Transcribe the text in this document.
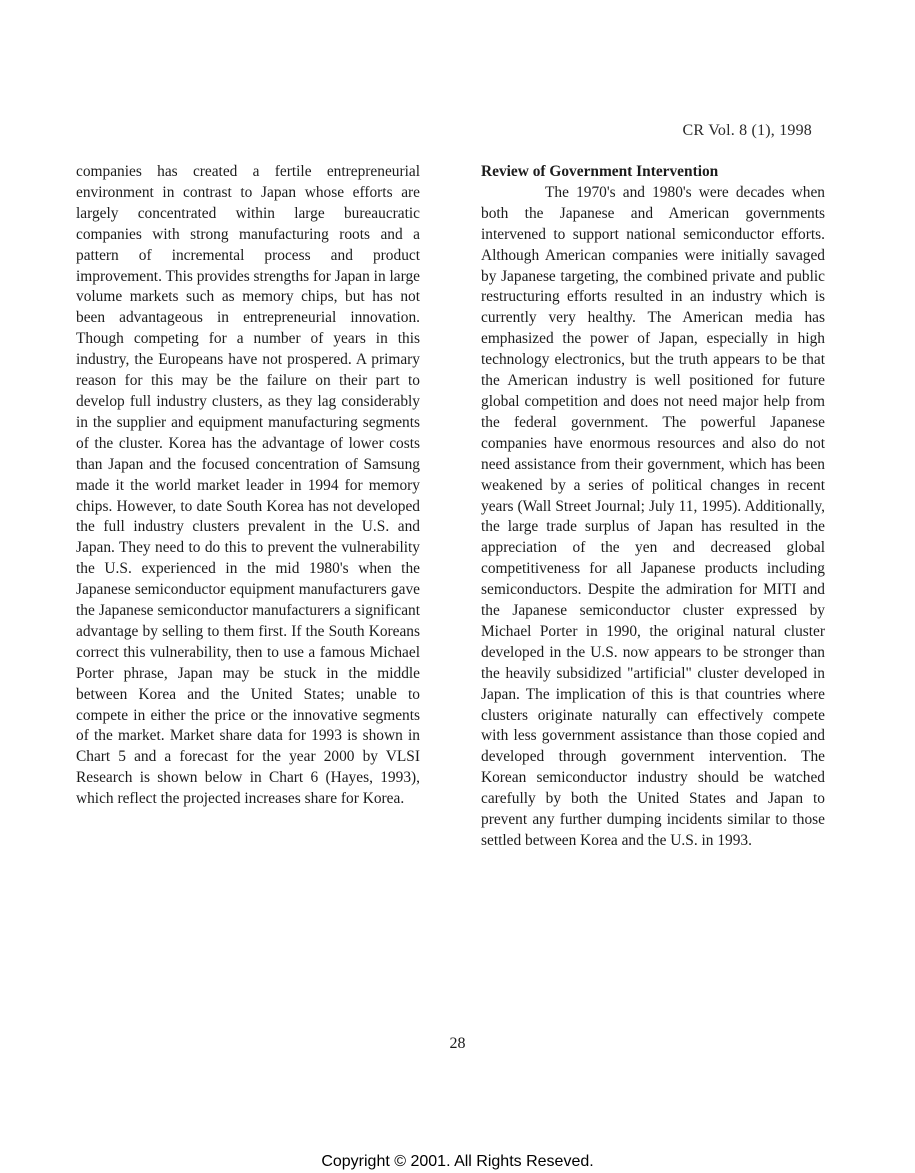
CR Vol. 8 (1), 1998

companies has created a fertile entrepreneurial environment in contrast to Japan whose efforts are largely concentrated within large bureaucratic companies with strong manufacturing roots and a pattern of incremental process and product improvement. This provides strengths for Japan in large volume markets such as memory chips, but has not been advantageous in entrepreneurial innovation. Though competing for a number of years in this industry, the Europeans have not prospered. A primary reason for this may be the failure on their part to develop full industry clusters, as they lag considerably in the supplier and equipment manufacturing segments of the cluster. Korea has the advantage of lower costs than Japan and the focused concentration of Samsung made it the world market leader in 1994 for memory chips. However, to date South Korea has not developed the full industry clusters prevalent in the U.S. and Japan. They need to do this to prevent the vulnerability the U.S. experienced in the mid 1980's when the Japanese semiconductor equipment manufacturers gave the Japanese semiconductor manufacturers a significant advantage by selling to them first. If the South Koreans correct this vulnerability, then to use a famous Michael Porter phrase, Japan may be stuck in the middle between Korea and the United States; unable to compete in either the price or the innovative segments of the market. Market share data for 1993 is shown in Chart 5 and a forecast for the year 2000 by VLSI Research is shown below in Chart 6 (Hayes, 1993), which reflect the projected increases share for Korea.

Review of Government Intervention

The 1970's and 1980's were decades when both the Japanese and American governments intervened to support national semiconductor efforts. Although American companies were initially savaged by Japanese targeting, the combined private and public restructuring efforts resulted in an industry which is currently very healthy. The American media has emphasized the power of Japan, especially in high technology electronics, but the truth appears to be that the American industry is well positioned for future global competition and does not need major help from the federal government. The powerful Japanese companies have enormous resources and also do not need assistance from their government, which has been weakened by a series of political changes in recent years (Wall Street Journal; July 11, 1995). Additionally, the large trade surplus of Japan has resulted in the appreciation of the yen and decreased global competitiveness for all Japanese products including semiconductors. Despite the admiration for MITI and the Japanese semiconductor cluster expressed by Michael Porter in 1990, the original natural cluster developed in the U.S. now appears to be stronger than the heavily subsidized "artificial" cluster developed in Japan. The implication of this is that countries where clusters originate naturally can effectively compete with less government assistance than those copied and developed through government intervention. The Korean semiconductor industry should be watched carefully by both the United States and Japan to prevent any further dumping incidents similar to those settled between Korea and the U.S. in 1993.

28
Copyright © 2001. All Rights Reseved.
